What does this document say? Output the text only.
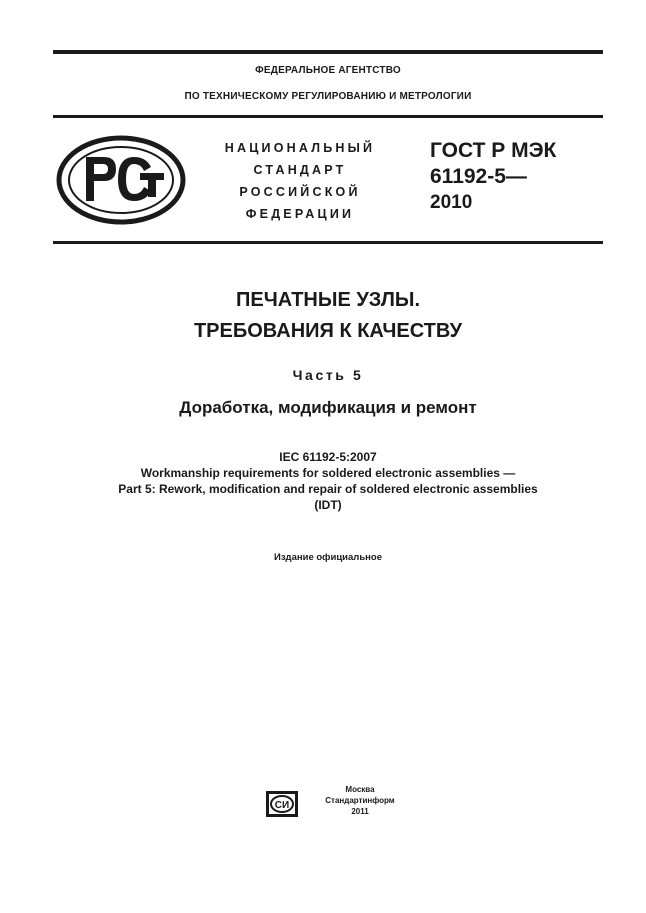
ФЕДЕРАЛЬНОЕ АГЕНТСТВО
ПО ТЕХНИЧЕСКОМУ РЕГУЛИРОВАНИЮ И МЕТРОЛОГИИ
НАЦИОНАЛЬНЫЙ
СТАНДАРТ
РОССИЙСКОЙ
ФЕДЕРАЦИИ
ГОСТ Р МЭК
61192-5—
2010
ПЕЧАТНЫЕ УЗЛЫ.
ТРЕБОВАНИЯ К КАЧЕСТВУ
Часть 5
Доработка, модификация и ремонт
IEC 61192-5:2007
Workmanship requirements for soldered electronic assemblies —
Part 5: Rework, modification and repair of soldered electronic assemblies
(IDT)
Издание официальное
СИ
Москва
Стандартинформ
2011
